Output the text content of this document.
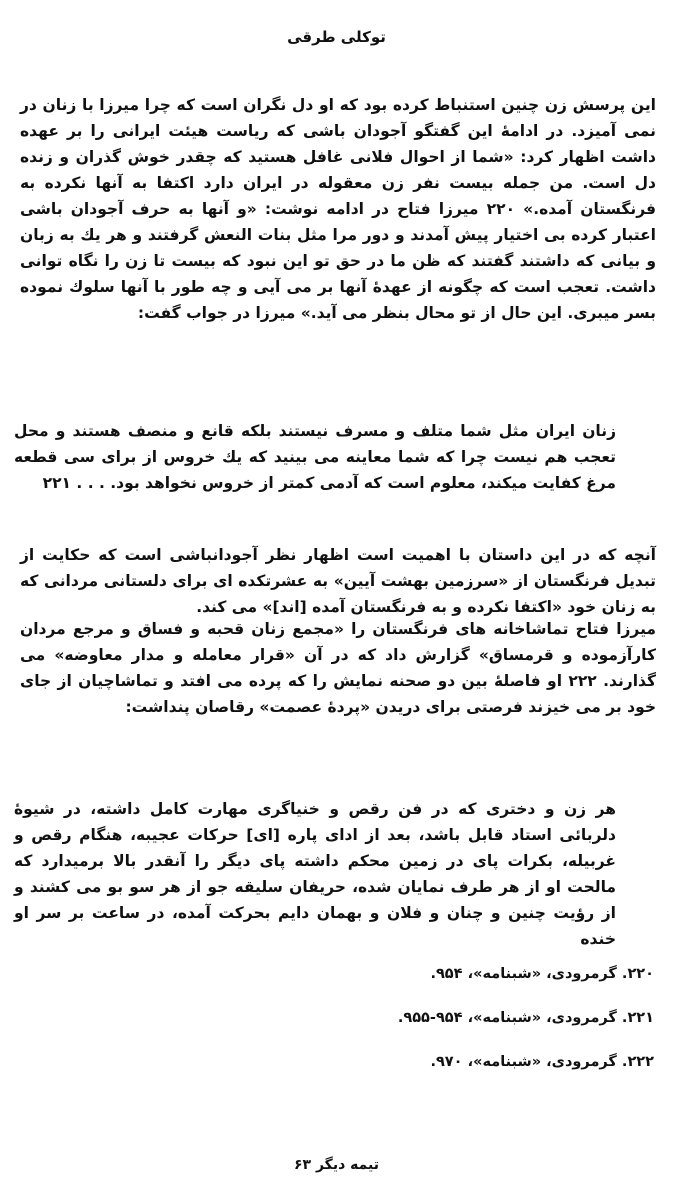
توکلی طرقی

این پرسش زن چنین استنباط کرده بود که او دل نگران است که چرا میرزا با زنان در نمی آمیزد. در ادامهٔ این گفتگو آجودان باشی که ریاست هیئت ایرانی را بر عهده داشت اظهار کرد: «شما از احوال فلانی غافل هستید که چقدر خوش گذران و زنده دل است. من جمله بیست نفر زن معقوله در ایران دارد اکتفا به آنها نکرده به فرنگستان آمده.» ۲۲۰ میرزا فتاح در ادامه نوشت: «و آنها به حرف آجودان باشی اعتبار کرده بی اختیار پیش آمدند و دور مرا مثل بنات النعش گرفتند و هر یك به زبان و بیانی که داشتند گفتند که ظن ما در حق تو این نبود که بیست تا زن را نگاه توانی داشت. تعجب است که چگونه از عهدهٔ آنها بر می آیی و چه طور با آنها سلوك نموده بسر میبری. این حال از تو محال بنظر می آید.» میرزا در جواب گفت:

زنان ایران مثل شما متلف و مسرف نیستند بلکه قانع و منصف هستند و محل تعجب هم نیست چرا که شما معاینه می بینید که یك خروس از برای سی قطعه مرغ کفایت میکند، معلوم است که آدمی کمتر از خروس نخواهد بود. . . . ۲۲۱

آنچه که در این داستان با اهمیت است اظهار نظر آجودانباشی است که حکایت از تبدیل فرنگستان از «سرزمین بهشت آیین» به عشرتکده ای برای دلستانی مردانی که به زنان خود «اکتفا نکرده و به فرنگستان آمده [اند]» می کند.

میرزا فتاح تماشاخانه های فرنگستان را «مجمع زنان قحبه و فساق و مرجع مردان کارآزموده و قرمساق» گزارش داد که در آن «قرار معامله و مدار معاوضه» می گذارند. ۲۲۲ او فاصلهٔ بین دو صحنه نمایش را که پرده می افتد و تماشاچیان از جای خود بر می خیزند فرصتی برای دریدن «پردهٔ عصمت» رقاصان پنداشت:

هر زن و دختری که در فن رقص و خنیاگری مهارت کامل داشته، در شیوهٔ دلربائی استاد قابل باشد، بعد از ادای پاره [ای] حرکات عجیبه، هنگام رقص و غربیله، بکرات پای در زمین محکم داشته پای دیگر را آنقدر بالا برمیدارد که مالحت او از هر طرف نمایان شده، حریفان سلیقه جو از هر سو بو می کشند و از رؤیت چنین و چنان و فلان و بهمان دایم بحرکت آمده، در ساعت بر سر او خنده

۲۲۰. گرمرودی، «شبنامه»، ۹۵۴.

۲۲۱. گرمرودی، «شبنامه»، ۹۵۴-۹۵۵.

۲۲۲. گرمرودی، «شبنامه»، ۹۷۰.

تیمه دیگر ۶۳
